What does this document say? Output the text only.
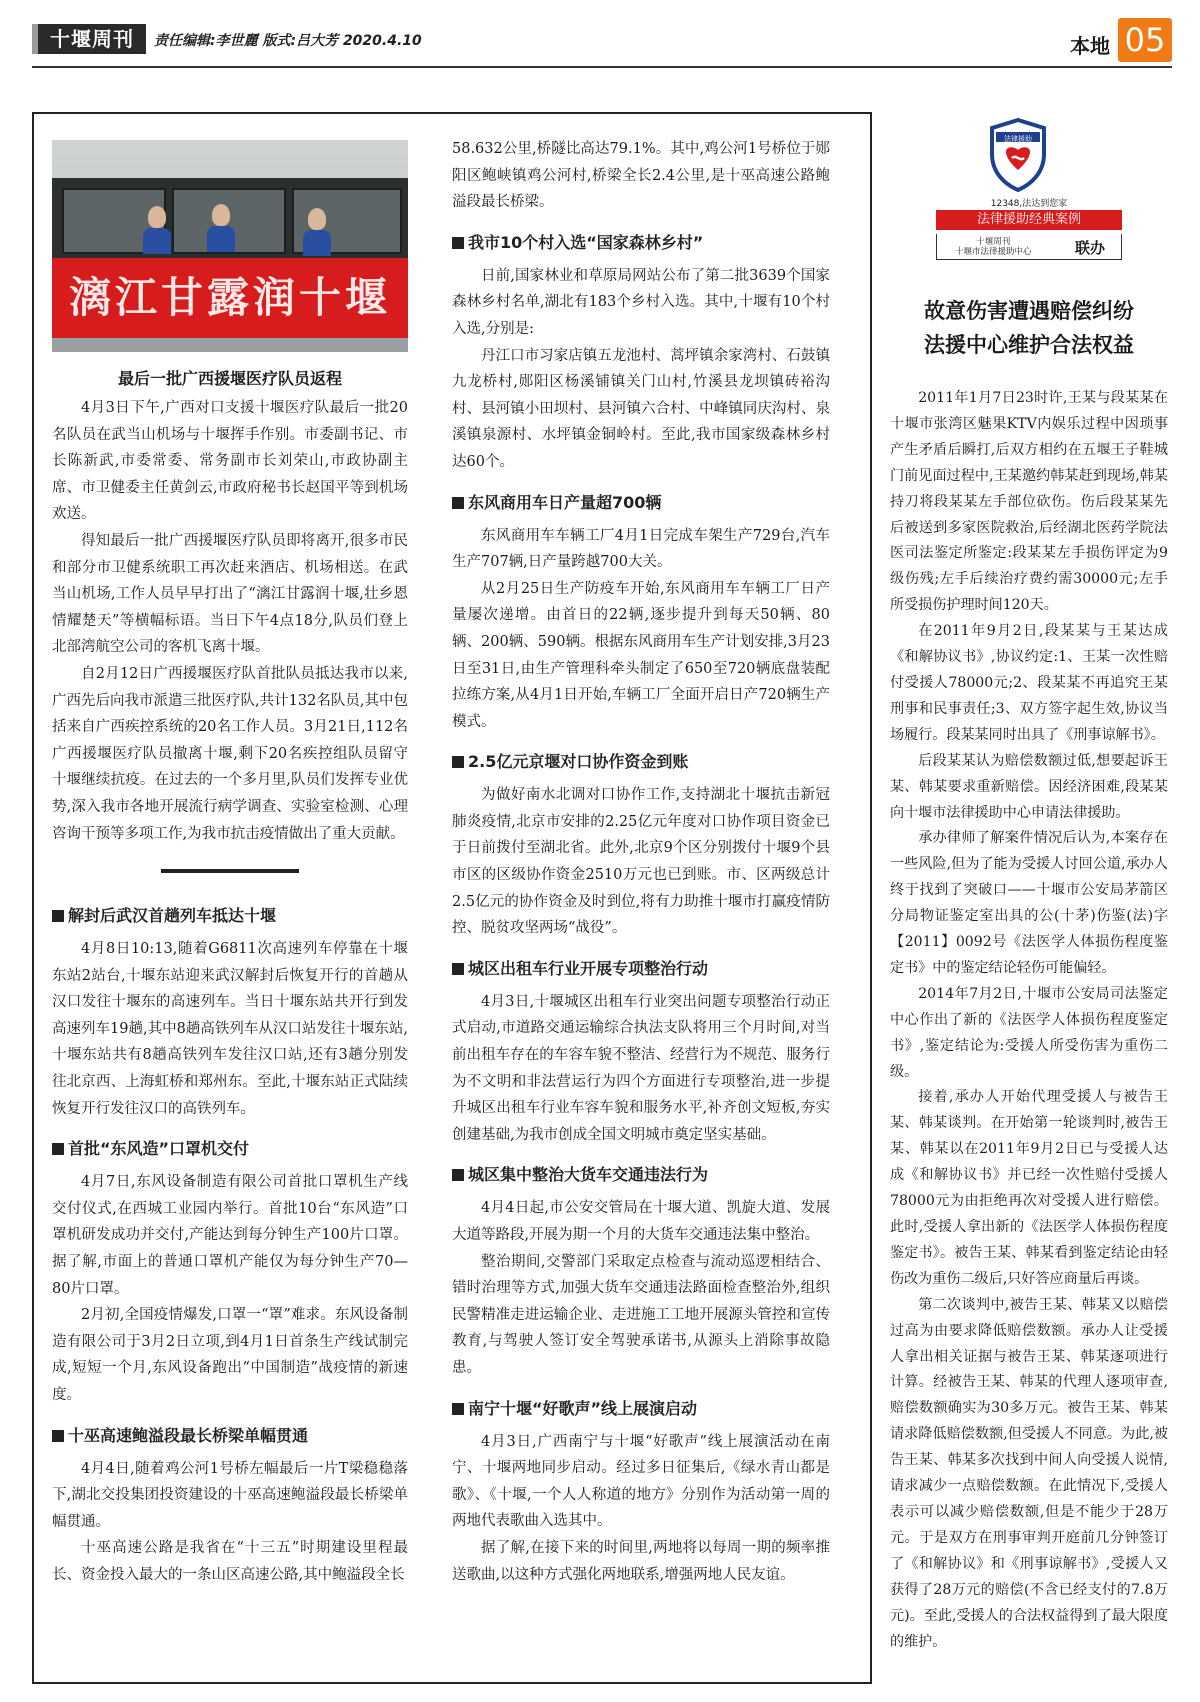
十堰周刊	责任编辑:李世麗 版式:吕大芳 2020.4.10	本地 05
漓江甘露润十堰
最后一批广西援堰医疗队员返程

4月3日下午,广西对口支援十堰医疗队最后一批20名队员在武当山机场与十堰挥手作别。市委副书记、市长陈新武,市委常委、常务副市长刘荣山,市政协副主席、市卫健委主任黄剑云,市政府秘书长赵国平等到机场欢送。

得知最后一批广西援堰医疗队员即将离开,很多市民和部分市卫健系统职工再次赶来酒店、机场相送。在武当山机场,工作人员早早打出了“漓江甘露润十堰,壮乡恩情耀楚天”等横幅标语。当日下午4点18分,队员们登上北部湾航空公司的客机飞离十堰。

自2月12日广西援堰医疗队首批队员抵达我市以来,广西先后向我市派遣三批医疗队,共计132名队员,其中包括来自广西疾控系统的20名工作人员。3月21日,112名广西援堰医疗队员撤离十堰,剩下20名疾控组队员留守十堰继续抗疫。在过去的一个多月里,队员们发挥专业优势,深入我市各地开展流行病学调查、实验室检测、心理咨询干预等多项工作,为我市抗击疫情做出了重大贡献。

解封后武汉首趟列车抵达十堰

4月8日10:13,随着G6811次高速列车停靠在十堰东站2站台,十堰东站迎来武汉解封后恢复开行的首趟从汉口发往十堰东的高速列车。当日十堰东站共开行到发高速列车19趟,其中8趟高铁列车从汉口站发往十堰东站,十堰东站共有8趟高铁列车发往汉口站,还有3趟分别发往北京西、上海虹桥和郑州东。至此,十堰东站正式陆续恢复开行发往汉口的高铁列车。

首批“东风造”口罩机交付

4月7日,东风设备制造有限公司首批口罩机生产线交付仪式,在西城工业园内举行。首批10台“东风造”口罩机研发成功并交付,产能达到每分钟生产100片口罩。据了解,市面上的普通口罩机产能仅为每分钟生产70—80片口罩。

2月初,全国疫情爆发,口罩一“罩”难求。东风设备制造有限公司于3月2日立项,到4月1日首条生产线试制完成,短短一个月,东风设备跑出“中国制造”战疫情的新速度。

十巫高速鲍溢段最长桥梁单幅贯通

4月4日,随着鸡公河1号桥左幅最后一片T梁稳稳落下,湖北交投集团投资建设的十巫高速鲍溢段最长桥梁单幅贯通。

十巫高速公路是我省在“十三五”时期建设里程最长、资金投入最大的一条山区高速公路,其中鲍溢段全长

58.632公里,桥隧比高达79.1%。其中,鸡公河1号桥位于郧阳区鲍峡镇鸡公河村,桥梁全长2.4公里,是十巫高速公路鲍溢段最长桥梁。

我市10个村入选“国家森林乡村”

日前,国家林业和草原局网站公布了第二批3639个国家森林乡村名单,湖北有183个乡村入选。其中,十堰有10个村入选,分别是:

丹江口市习家店镇五龙池村、蒿坪镇余家湾村、石鼓镇九龙桥村,郧阳区杨溪铺镇关门山村,竹溪县龙坝镇砖裕沟村、县河镇小田坝村、县河镇六合村、中峰镇同庆沟村、泉溪镇泉源村、水坪镇金铜岭村。至此,我市国家级森林乡村达60个。

东风商用车日产量超700辆

东风商用车车辆工厂4月1日完成车架生产729台,汽车生产707辆,日产量跨越700大关。

从2月25日生产防疫车开始,东风商用车车辆工厂日产量屡次递增。由首日的22辆,逐步提升到每天50辆、80辆、200辆、590辆。根据东风商用车生产计划安排,3月23日至31日,由生产管理科牵头制定了650至720辆底盘装配拉练方案,从4月1日开始,车辆工厂全面开启日产720辆生产模式。

2.5亿元京堰对口协作资金到账

为做好南水北调对口协作工作,支持湖北十堰抗击新冠肺炎疫情,北京市安排的2.25亿元年度对口协作项目资金已于日前拨付至湖北省。此外,北京9个区分别拨付十堰9个县市区的区级协作资金2510万元也已到账。市、区两级总计2.5亿元的协作资金及时到位,将有力助推十堰市打赢疫情防控、脱贫攻坚两场“战役”。

城区出租车行业开展专项整治行动

4月3日,十堰城区出租车行业突出问题专项整治行动正式启动,市道路交通运输综合执法支队将用三个月时间,对当前出租车存在的车容车貌不整洁、经营行为不规范、服务行为不文明和非法营运行为四个方面进行专项整治,进一步提升城区出租车行业车容车貌和服务水平,补齐创文短板,夯实创建基础,为我市创成全国文明城市奠定坚实基础。

城区集中整治大货车交通违法行为

4月4日起,市公安交管局在十堰大道、凯旋大道、发展大道等路段,开展为期一个月的大货车交通违法集中整治。

整治期间,交警部门采取定点检查与流动巡逻相结合、错时治理等方式,加强大货车交通违法路面检查整治外,组织民警精准走进运输企业、走进施工工地开展源头管控和宣传教育,与驾驶人签订安全驾驶承诺书,从源头上消除事故隐患。

南宁十堰“好歌声”线上展演启动

4月3日,广西南宁与十堰“好歌声”线上展演活动在南宁、十堰两地同步启动。经过多日征集后,《绿水青山都是歌》、《十堰,一个人人称道的地方》分别作为活动第一周的两地代表歌曲入选其中。

据了解,在接下来的时间里,两地将以每周一期的频率推送歌曲,以这种方式强化两地联系,增强两地人民友谊。

法律援助
12348,法达到您家
法律援助经典案例
十堰周刊
十堰市法律援助中心	联办
故意伤害遭遇赔偿纠纷
法援中心维护合法权益

2011年1月7日23时许,王某与段某某在十堰市张湾区魅果KTV内娱乐过程中因琐事产生矛盾后瞬打,后双方相约在五堰王子鞋城门前见面过程中,王某邀约韩某赶到现场,韩某持刀将段某某左手部位砍伤。伤后段某某先后被送到多家医院救治,后经湖北医药学院法医司法鉴定所鉴定:段某某左手损伤评定为9级伤残;左手后续治疗费约需30000元;左手所受损伤护理时间120天。

在2011年9月2日,段某某与王某达成《和解协议书》,协议约定:1、王某一次性赔付受援人78000元;2、段某某不再追究王某刑事和民事责任;3、双方签字起生效,协议当场履行。段某某同时出具了《刑事谅解书》。

后段某某认为赔偿数额过低,想要起诉王某、韩某要求重新赔偿。因经济困难,段某某向十堰市法律援助中心申请法律援助。

承办律师了解案件情况后认为,本案存在一些风险,但为了能为受援人讨回公道,承办人终于找到了突破口——十堰市公安局茅箭区分局物证鉴定室出具的公(十茅)伤鉴(法)字【2011】0092号《法医学人体损伤程度鉴定书》中的鉴定结论轻伤可能偏轻。

2014年7月2日,十堰市公安局司法鉴定中心作出了新的《法医学人体损伤程度鉴定书》,鉴定结论为:受援人所受伤害为重伤二级。

接着,承办人开始代理受援人与被告王某、韩某谈判。在开始第一轮谈判时,被告王某、韩某以在2011年9月2日已与受援人达成《和解协议书》并已经一次性赔付受援人78000元为由拒绝再次对受援人进行赔偿。此时,受援人拿出新的《法医学人体损伤程度鉴定书》。被告王某、韩某看到鉴定结论由轻伤改为重伤二级后,只好答应商量后再谈。

第二次谈判中,被告王某、韩某又以赔偿过高为由要求降低赔偿数额。承办人让受援人拿出相关证据与被告王某、韩某逐项进行计算。经被告王某、韩某的代理人逐项审查,赔偿数额确实为30多万元。被告王某、韩某请求降低赔偿数额,但受援人不同意。为此,被告王某、韩某多次找到中间人向受援人说情,请求减少一点赔偿数额。在此情况下,受援人表示可以减少赔偿数额,但是不能少于28万元。于是双方在刑事审判开庭前几分钟签订了《和解协议》和《刑事谅解书》,受援人又获得了28万元的赔偿(不含已经支付的7.8万元)。至此,受援人的合法权益得到了最大限度的维护。
